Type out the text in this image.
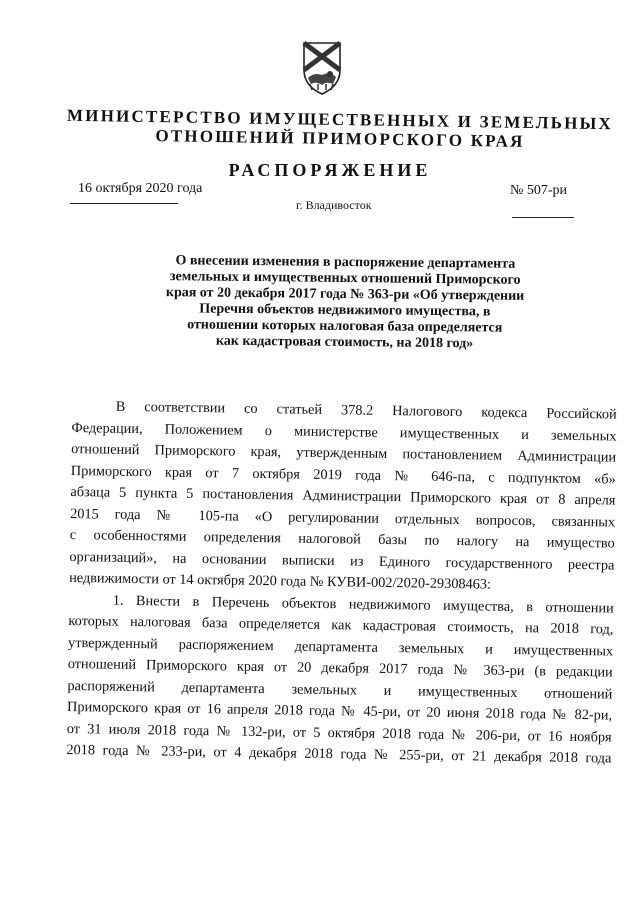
МИНИСТЕРСТВО ИМУЩЕСТВЕННЫХ И ЗЕМЕЛЬНЫХ
ОТНОШЕНИЙ ПРИМОРСКОГО КРАЯ
РАСПОРЯЖЕНИЕ
16 октября 2020 года
г. Владивосток
№ 507-ри
О внесении изменения в распоряжение департамента
земельных и имущественных отношений Приморского
края от 20 декабря 2017 года № 363-ри «Об утверждении
Перечня объектов недвижимого имущества, в
отношении которых налоговая база определяется
как кадастровая стоимость, на 2018 год»
В соответствии со статьей 378.2 Налогового кодекса Российской
Федерации, Положением о министерстве имущественных и земельных
отношений Приморского края, утвержденным постановлением Администрации
Приморского края от 7 октября 2019 года № 646-па, с подпунктом «б»
абзаца 5 пункта 5 постановления Администрации Приморского края от 8 апреля
2015 года № 105-па «О регулировании отдельных вопросов, связанных
с особенностями определения налоговой базы по налогу на имущество
организаций», на основании выписки из Единого государственного реестра
недвижимости от 14 октября 2020 года № КУВИ-002/2020-29308463:
1. Внести в Перечень объектов недвижимого имущества, в отношении
которых налоговая база определяется как кадастровая стоимость, на 2018 год,
утвержденный распоряжением департамента земельных и имущественных
отношений Приморского края от 20 декабря 2017 года № 363-ри (в редакции
распоряжений департамента земельных и имущественных отношений
Приморского края от 16 апреля 2018 года № 45-ри, от 20 июня 2018 года № 82-ри,
от 31 июля 2018 года № 132-ри, от 5 октября 2018 года № 206-ри, от 16 ноября
2018 года № 233-ри, от 4 декабря 2018 года № 255-ри, от 21 декабря 2018 года
